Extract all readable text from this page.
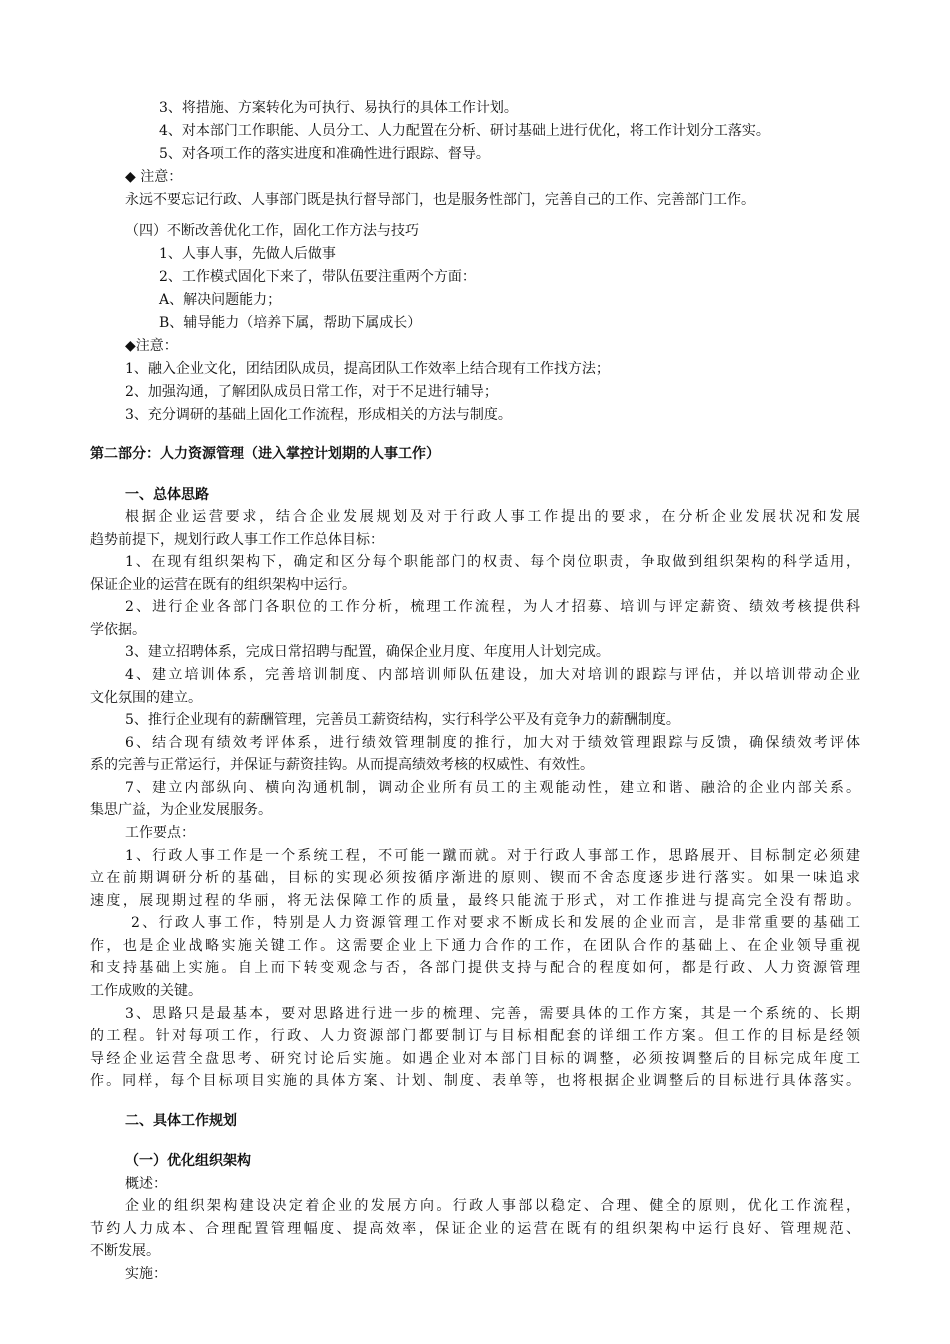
3、将措施、方案转化为可执行、易执行的具体工作计划。
4、对本部门工作职能、人员分工、人力配置在分析、研讨基础上进行优化，将工作计划分工落实。
5、对各项工作的落实进度和准确性进行跟踪、督导。
◆ 注意：
永远不要忘记行政、人事部门既是执行督导部门，也是服务性部门，完善自己的工作、完善部门工作。
（四）不断改善优化工作，固化工作方法与技巧
1、人事人事，先做人后做事
2、工作模式固化下来了，带队伍要注重两个方面：
A、解决问题能力；
B、辅导能力（培养下属，帮助下属成长）
◆注意：
1、融入企业文化，团结团队成员，提高团队工作效率上结合现有工作找方法；
2、加强沟通，了解团队成员日常工作，对于不足进行辅导；
3、充分调研的基础上固化工作流程，形成相关的方法与制度。
第二部分：人力资源管理（进入掌控计划期的人事工作）
一、总体思路
根据企业运营要求，结合企业发展规划及对于行政人事工作提出的要求，在分析企业发展状况和发展
趋势前提下，规划行政人事工作工作总体目标：
1、在现有组织架构下，确定和区分每个职能部门的权责、每个岗位职责，争取做到组织架构的科学适用，
保证企业的运营在既有的组织架构中运行。
2、进行企业各部门各职位的工作分析，梳理工作流程，为人才招募、培训与评定薪资、绩效考核提供科
学依据。
3、建立招聘体系，完成日常招聘与配置，确保企业月度、年度用人计划完成。
4、建立培训体系，完善培训制度、内部培训师队伍建设，加大对培训的跟踪与评估，并以培训带动企业
文化氛围的建立。
5、推行企业现有的薪酬管理，完善员工薪资结构，实行科学公平及有竞争力的薪酬制度。
6、结合现有绩效考评体系，进行绩效管理制度的推行，加大对于绩效管理跟踪与反馈，确保绩效考评体
系的完善与正常运行，并保证与薪资挂钩。从而提高绩效考核的权威性、有效性。
7、建立内部纵向、横向沟通机制，调动企业所有员工的主观能动性，建立和谐、融洽的企业内部关系。
集思广益，为企业发展服务。
工作要点：
1、行政人事工作是一个系统工程，不可能一蹴而就。对于行政人事部工作，思路展开、目标制定必须建
立在前期调研分析的基础，目标的实现必须按循序渐进的原则、锲而不舍态度逐步进行落实。如果一味追求
速度，展现期过程的华丽，将无法保障工作的质量，最终只能流于形式，对工作推进与提高完全没有帮助。
2、行政人事工作，特别是人力资源管理工作对要求不断成长和发展的企业而言，是非常重要的基础工
作，也是企业战略实施关键工作。这需要企业上下通力合作的工作，在团队合作的基础上、在企业领导重视
和支持基础上实施。自上而下转变观念与否，各部门提供支持与配合的程度如何，都是行政、人力资源管理
工作成败的关键。
3、思路只是最基本，要对思路进行进一步的梳理、完善，需要具体的工作方案，其是一个系统的、长期
的工程。针对每项工作，行政、人力资源部门都要制订与目标相配套的详细工作方案。但工作的目标是经领
导经企业运营全盘思考、研究讨论后实施。如遇企业对本部门目标的调整，必须按调整后的目标完成年度工
作。同样，每个目标项目实施的具体方案、计划、制度、表单等，也将根据企业调整后的目标进行具体落实。
二、具体工作规划
（一）优化组织架构
概述：
企业的组织架构建设决定着企业的发展方向。行政人事部以稳定、合理、健全的原则，优化工作流程，
节约人力成本、合理配置管理幅度、提高效率，保证企业的运营在既有的组织架构中运行良好、管理规范、
不断发展。
实施：
